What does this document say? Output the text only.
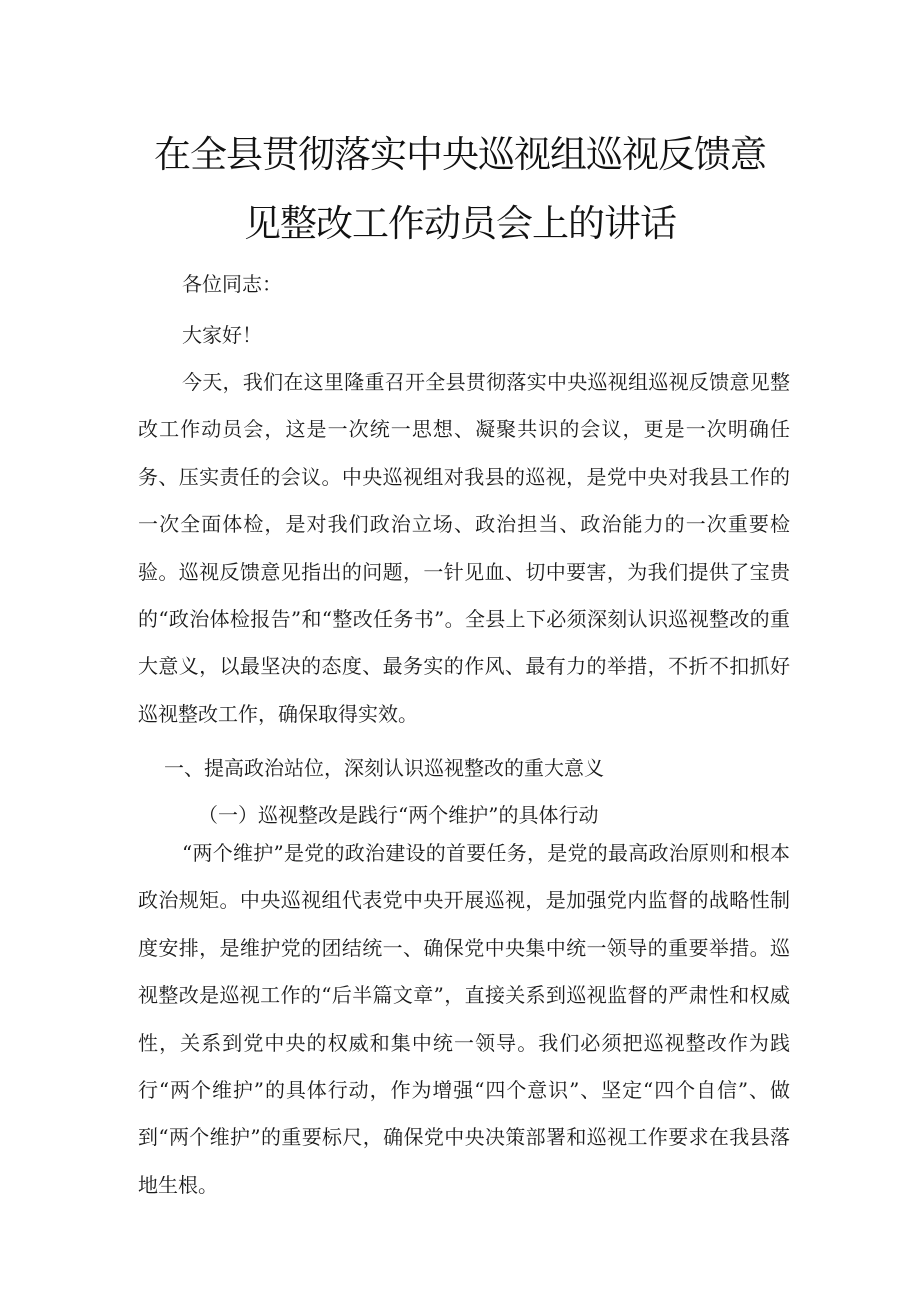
在全县贯彻落实中央巡视组巡视反馈意
见整改工作动员会上的讲话
各位同志：
大家好！

今天，我们在这里隆重召开全县贯彻落实中央巡视组巡视反馈意见整改工作动员会，这是一次统一思想、凝聚共识的会议，更是一次明确任务、压实责任的会议。中央巡视组对我县的巡视，是党中央对我县工作的一次全面体检，是对我们政治立场、政治担当、政治能力的一次重要检验。巡视反馈意见指出的问题，一针见血、切中要害，为我们提供了宝贵的“政治体检报告”和“整改任务书”。全县上下必须深刻认识巡视整改的重大意义，以最坚决的态度、最务实的作风、最有力的举措，不折不扣抓好巡视整改工作，确保取得实效。

一、提高政治站位，深刻认识巡视整改的重大意义
（一）巡视整改是践行“两个维护”的具体行动

“两个维护”是党的政治建设的首要任务，是党的最高政治原则和根本政治规矩。中央巡视组代表党中央开展巡视，是加强党内监督的战略性制度安排，是维护党的团结统一、确保党中央集中统一领导的重要举措。巡视整改是巡视工作的“后半篇文章”，直接关系到巡视监督的严肃性和权威性，关系到党中央的权威和集中统一领导。我们必须把巡视整改作为践行“两个维护”的具体行动，作为增强“四个意识”、坚定“四个自信”、做到“两个维护”的重要标尺，确保党中央决策部署和巡视工作要求在我县落地生根。
